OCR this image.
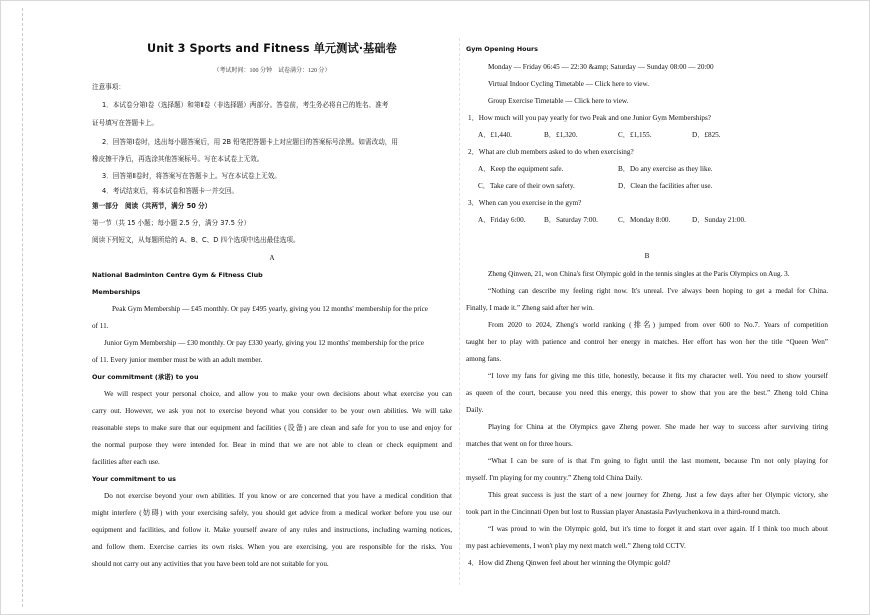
Unit 3 Sports and Fitness 单元测试·基础卷
（考试时间：100 分钟　试卷满分：120 分）
注意事项：
1．本试卷分第Ⅰ卷（选择题）和第Ⅱ卷（非选择题）两部分。答卷前，考生务必将自己的姓名、准考
证号填写在答题卡上。
2．回答第Ⅰ卷时，选出每小题答案后，用 2B 铅笔把答题卡上对应题目的答案标号涂黑。如需改动，用
橡皮擦干净后，再选涂其他答案标号。写在本试卷上无效。
3．回答第Ⅱ卷时，将答案写在答题卡上。写在本试卷上无效。
4．考试结束后，将本试卷和答题卡一并交回。
第一部分　阅读（共两节，满分 50 分）
第一节（共 15 小题；每小题 2.5 分，满分 37.5 分）
阅读下列短文，从每题所给的 A、B、C、D 四个选项中选出最佳选项。
A
National Badminton Centre Gym & Fitness Club
Memberships
Peak Gym Membership — £45 monthly. Or pay £495 yearly, giving you 12 months' membership for the price
of 11.
Junior Gym Membership — £30 monthly. Or pay £330 yearly, giving you 12 months' membership for the price
of 11. Every junior member must be with an adult member.
Our commitment (承诺) to you
We will respect your personal choice, and allow you to make your own decisions about what exercise you can
carry out. However, we ask you not to exercise beyond what you consider to be your own abilities. We will take
reasonable steps to make sure that our equipment and facilities (设备) are clean and safe for you to use and enjoy for
the normal purpose they were intended for. Bear in mind that we are not able to clean or check equipment and
facilities after each use.
Your commitment to us
Do not exercise beyond your own abilities. If you know or are concerned that you have a medical condition that
might interfere (妨碍) with your exercising safely, you should get advice from a medical worker before you use our
equipment and facilities, and follow it. Make yourself aware of any rules and instructions, including warning notices,
and follow them. Exercise carries its own risks. When you are exercising, you are responsible for the risks. You
should not carry out any activities that you have been told are not suitable for you.
Gym Opening Hours
Monday — Friday 06:45 — 22:30 &amp; Saturday — Sunday 08:00 — 20:00
Virtual Indoor Cycling Timetable — Click here to view.
Group Exercise Timetable — Click here to view.
1．How much will you pay yearly for two Peak and one Junior Gym Memberships?
A．£1,440.	B．£1,320.	C．£1,155.	D．£825.
2．What are club members asked to do when exercising?
A．Keep the equipment safe.	B．Do any exercise as they like.
C．Take care of their own safety.	D．Clean the facilities after use.
3．When can you exercise in the gym?
A．Friday 6:00.	B．Saturday 7:00.	C．Monday 8:00.	D．Sunday 21:00.
B
Zheng Qinwen, 21, won China's first Olympic gold in the tennis singles at the Paris Olympics on Aug. 3.
“Nothing can describe my feeling right now. It's unreal. I've always been hoping to get a medal for China.
Finally, I made it.” Zheng said after her win.
From 2020 to 2024, Zheng's world ranking (排名) jumped from over 600 to No.7. Years of competition
taught her to play with patience and control her energy in matches. Her effort has won her the title “Queen Wen”
among fans.
“I love my fans for giving me this title, honestly, because it fits my character well. You need to show yourself
as queen of the court, because you need this energy, this power to show that you are the best.” Zheng told China
Daily.
Playing for China at the Olympics gave Zheng power. She made her way to success after surviving tiring
matches that went on for three hours.
“What I can be sure of is that I'm going to fight until the last moment, because I'm not only playing for
myself. I'm playing for my country.” Zheng told China Daily.
This great success is just the start of a new journey for Zheng. Just a few days after her Olympic victory, she
took part in the Cincinnati Open but lost to Russian player Anastasia Pavlyuchenkova in a third-round match.
“I was proud to win the Olympic gold, but it's time to forget it and start over again. If I think too much about
my past achievements, I won't play my next match well.” Zheng told CCTV.
4．How did Zheng Qinwen feel about her winning the Olympic gold?
